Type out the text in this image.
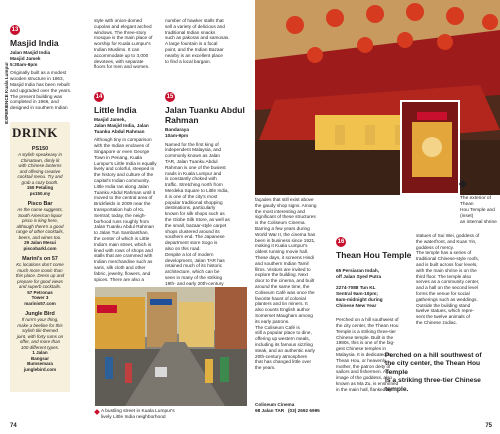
EXPERIENCE Kuala Lumpur
13
Masjid India
Jalan Masjid India
Masjid Jamek
5:30am-9pm
Originally built as a modest
wooden structure in 1863,
Masjid India has been rebuilt
and upgraded over the years.
The present building was
completed in 1966, and
designed in southern Indian
DRINK
PS150
A stylish speakeasy in
Chinatown, dimly lit
with Chinese lanterns
and offering creative
cocktail menu. Try and
grab a cozy booth.
150 Petaling
ps150.my
Pisco Bar
As the name suggests,
South American liquor
pisco is king here,
although there's a good
range of other cocktails,
beers, and wines too.
29 Jalan Mesui
piscobarkl.com
Marini's on 57
KL locations don't come
much more iconic than
this place. Dress up and
prepare for good views
and superb cocktails.
57 Petronas
Tower 3
marinis57.com
Jungle Bird
If rum's your thing,
make a beeline for this
stylish tiki-themed
joint, with forty rums on
offer, and more than
100 different types.
1 Jalan
Bangsar
Bumsemara
junglebird.com
style with onion-domed
cupolas and elegant arched
windows. The three-story
mosque is the main place of
worship for Kuala Lumpur's
Indian Muslims. It can
accommodate up to 3,000
devotees, with separate
floors for men and women.
14
Little India
Masjid Jamek,
Jalan Masjid India, Jalan
Tuanku Abdul Rahman
Although tiny in comparison
with the Indian enclaves of
Singapore or even George
Town in Penang, Kuala
Lumpur's Little India is equally
lively and colorful, steeped in
the history and culture of the
capital's Indian community.
Little India ran along Jalan
Tuanku Abdul Rahman until it
moved to the central area of
Brickfields in 2009 near the
transportation hub of KL
Sentral; today, the neigh-
borhood runs roughly from
Jalan Tuanku Abdul Rahman
to Jalan Tun Sambanthan,
the center of which is Little
India's main street, which is
lined with rows of shops and
stalls that are crammed with
Indian merchandise such as
saris, silk cloth and other
fabric, jewelry, flowers, and
spices. There are also a
number of hawker stalls that
sell a variety of delicious and
traditional Indian snacks
such as pakoras and samosas.
A large fountain is a focal
point, and the Indian Bazaar
nearby is an excellent place
to find a local bargain.
15
Jalan Tuanku Abdul Rahman
Bandaraya
10am-9pm
Named for the first king of
independent Malaysia, and
commonly known as Jalan
TAR, Jalan Tuanku Abdul
Rahman is one of the busiest
roads in Kuala Lumpur and
is constantly choked with
traffic. Stretching north from
Merdeka Square to Little India,
it is one of the city's most
popular traditional shopping
destinations, particularly
known for silk shops such as
the Globe Silk Store, as well as
the small, bazaar-style carpet
shops clustered around its
southern end. The Japanese
department store Sogo is
also on this road.
Despite a lot of modern
development, Jalan TAR has
retained much of its historic
architecture, which can be
seen in many of the striking
19th- and early 20th-century
A bustling street in Kuala Lumpur's
lively Little India neighborhood
74
The exterior of Thean
Hou Temple and (inset)
an internal shrine
façades that still exist above
the gaudy shop signs. Among
the most interesting and
significant of these structures
is the Coliseum Cinema.
Barring a few years during
World War II, the cinema has
been in business since 1921,
making it Kuala Lumpur's
oldest running movie hall.
These days, it screens Hindi
and southern Indian Tamil
films. Visitors are invited to
explore the building. Next
door to the cinema, and built
around the same time, the
Coliseum Café was once the
favorite haunt of colonial
planters and tin miners. It
also counts English author
Somerset Maugham among
its early patrons.
The Coliseum Café is
still a popular place to dine,
offering up western meals,
including its famous sizzling
steak, and an authentic early
20th-century atmosphere
that has changed little over
the years.
Coliseum Cinema
98 Jalan TAR   (03) 2692 6995
16
Thean Hou Temple

65 Persiaran Indah,
off Jalan Syed Putra

2274-7088 Tun KL
Sentral 9am-10pm;
6am-midnight during
Chinese New Year

Perched on a hill southwest of
the city center, the Thean Hou
Temple is a striking three-tier
Chinese temple. Built in the
1980s, this is one of the big-
gest Chinese temples in
Malaysia. It is dedicated to
Thean Hou, or heavenly
mother, the patron deity of
sailors and fishermen. An
image of the goddess, also
known as Ma Zu, is enshrined
in the main hall, flanked by
statues of Sui Wei, goddess of
the waterfront, and Kuan Yin,
goddess of mercy.
The temple has a series of
traditional Chinese-style roofs,
and is built across four levels,
with the main shrine is on the
third floor. The temple also
serves as a community center,
and a hall on the second level
forms the venue for social
gatherings such as weddings.
Outside the building stand
twelve statues, which repre-
sent the twelve animals of
the Chinese zodiac.
Perched on a hill southwest of
the city center, the Thean Hou Temple
is a striking three-tier Chinese temple.
75
